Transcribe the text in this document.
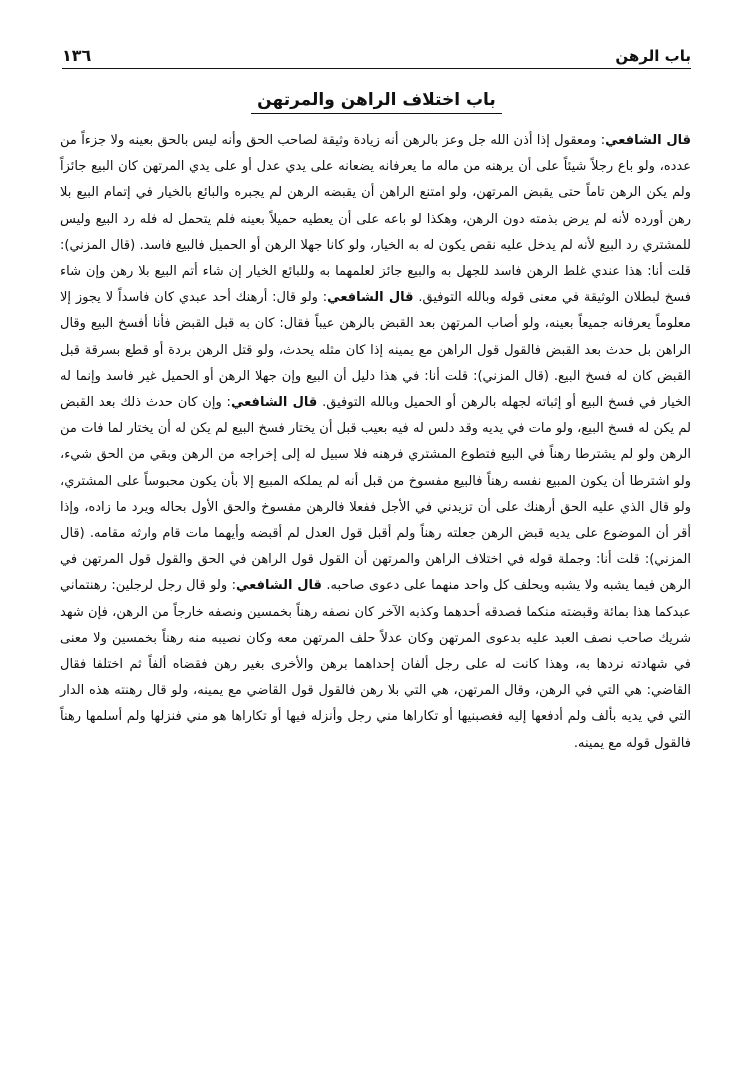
باب الرهن
١٣٦
باب اختلاف الراهن والمرتهن

قال الشافعي: ومعقول إذا أذن الله جل وعز بالرهن أنه زيادة وثيقة لصاحب الحق وأنه ليس بالحق بعينه ولا جزءاً من عدده، ولو باع رجلاً شيئاً على أن يرهنه من ماله ما يعرفانه يضعانه على يدي عدل أو على يدي المرتهن كان البيع جائزاً ولم يكن الرهن تاماً حتى يقبض المرتهن، ولو امتنع الراهن أن يقبضه الرهن لم يجبره والبائع بالخيار في إتمام البيع بلا رهن أورده لأنه لم يرض بذمته دون الرهن، وهكذا لو باعه على أن يعطيه حميلاً بعينه فلم يتحمل له فله رد البيع وليس للمشتري رد البيع لأنه لم يدخل عليه نقص يكون له به الخيار، ولو كانا جهلا الرهن أو الحميل فالبيع فاسد. (قال المزني): قلت أنا: هذا عندي غلط الرهن فاسد للجهل به والبيع جائز لعلمهما به وللبائع الخيار إن شاء أتم البيع بلا رهن وإن شاء فسخ لبطلان الوثيقة في معنى قوله وبالله التوفيق. قال الشافعي: ولو قال: أرهنك أحد عبدي كان فاسداً لا يجوز إلا معلوماً يعرفانه جميعاً بعينه، ولو أصاب المرتهن بعد القبض بالرهن عيباً فقال: كان به قبل القبض فأنا أفسخ البيع وقال الراهن بل حدث بعد القبض فالقول قول الراهن مع يمينه إذا كان مثله يحدث، ولو قتل الرهن بردة أو قطع بسرقة قبل القبض كان له فسخ البيع. (قال المزني): قلت أنا: في هذا دليل أن البيع وإن جهلا الرهن أو الحميل غير فاسد وإنما له الخيار في فسخ البيع أو إثباته لجهله بالرهن أو الحميل وبالله التوفيق. قال الشافعي: وإن كان حدث ذلك بعد القبض لم يكن له فسخ البيع، ولو مات في يديه وقد دلس له فيه بعيب قبل أن يختار فسخ البيع لم يكن له أن يختار لما فات من الرهن ولو لم يشترطا رهناً في البيع فتطوع المشتري فرهنه فلا سبيل له إلى إخراجه من الرهن وبقي من الحق شيء، ولو اشترطا أن يكون المبيع نفسه رهناً فالبيع مفسوخ من قبل أنه لم يملكه المبيع إلا بأن يكون محبوساً على المشتري، ولو قال الذي عليه الحق أرهنك على أن تزيدني في الأجل ففعلا فالرهن مفسوخ والحق الأول بحاله ويرد ما زاده، وإذا أقر أن الموضوع على يديه قبض الرهن جعلته رهناً ولم أقبل قول العدل لم أقبضه وأيهما مات قام وارثه مقامه. (قال المزني): قلت أنا: وجملة قوله في اختلاف الراهن والمرتهن أن القول قول الراهن في الحق والقول قول المرتهن في الرهن فيما يشبه ولا يشبه ويحلف كل واحد منهما على دعوى صاحبه. قال الشافعي: ولو قال رجل لرجلين: رهنتماني عبدكما هذا بمائة وقبضته منكما فصدقه أحدهما وكذبه الآخر كان نصفه رهناً بخمسين ونصفه خارجاً من الرهن، فإن شهد شريك صاحب نصف العبد عليه بدعوى المرتهن وكان عدلاً حلف المرتهن معه وكان نصيبه منه رهناً بخمسين ولا معنى في شهادته نردها به، وهذا كانت له على رجل ألفان إحداهما برهن والأخرى بغير رهن فقضاه ألفاً ثم اختلفا فقال القاضي: هي التي في الرهن، وقال المرتهن، هي التي بلا رهن فالقول قول القاضي مع يمينه، ولو قال رهنته هذه الدار التي في يديه بألف ولم أدفعها إليه فغصبنيها أو تكاراها مني رجل وأنزله فيها أو تكاراها هو مني فنزلها ولم أسلمها رهناً فالقول قوله مع يمينه.
